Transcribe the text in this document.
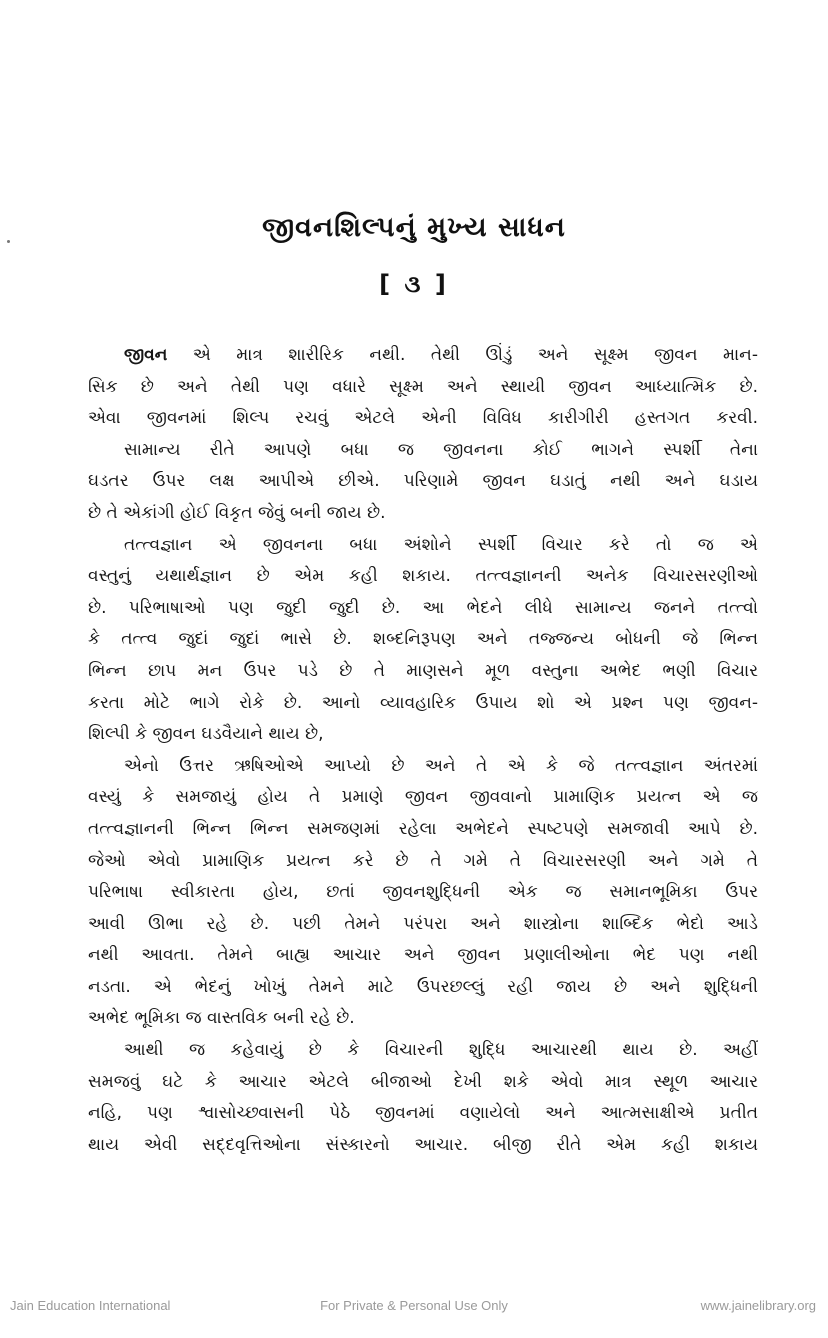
જીવનશિલ્પનું મુખ્ય સાધન
[ ૩ ]
જીવન એ માત્ર શારીરિક નથી. તેથી ઊંડું અને સૂક્ષ્મ જીવન માન-
સિક છે અને તેથી પણ વધારે સૂક્ષ્મ અને સ્થાયી જીવન આધ્યાત્મિક છે.
એવા જીવનમાં શિલ્પ રચવું એટલે એની વિવિધ કારીગીરી હસ્તગત કરવી.
સામાન્ય રીતે આપણે બધા જ જીવનના કોઈ ભાગને સ્પર્શી તેના
ઘડતર ઉપર લક્ષ આપીએ છીએ. પરિણામે જીવન ઘડાતું નથી અને ઘડાય
છે તે એકાંગી હોઈ વિકૃત જેવું બની જાય છે.
તત્ત્વજ્ઞાન એ જીવનના બધા અંશોને સ્પર્શી વિચાર કરે તો જ એ
વસ્તુનું યથાર્થજ્ઞાન છે એમ કહી શકાય. તત્ત્વજ્ઞાનની અનેક વિચારસરણીઓ
છે. પરિભાષાઓ પણ જુદી જુદી છે. આ ભેદને લીધે સામાન્ય જનને તત્ત્વો
કે તત્ત્વ જુદાં જુદાં ભાસે છે. શબ્દનિરૂપણ અને તજ્જન્ય બોધની જે ભિન્ન
ભિન્ન છાપ મન ઉપર પડે છે તે માણસને મૂળ વસ્તુના અભેદ ભણી વિચાર
કરતા મોટે ભાગે રોકે છે. આનો વ્યાવહારિક ઉપાય શો એ પ્રશ્ન પણ જીવન-
શિલ્પી કે જીવન ઘડવૈયાને થાય છે,
એનો ઉત્તર ઋષિઓએ આપ્યો છે અને તે એ કે જે તત્ત્વજ્ઞાન અંતરમાં
વસ્યું કે સમજાયું હોય તે પ્રમાણે જીવન જીવવાનો પ્રામાણિક પ્રયત્ન એ જ
તત્ત્વજ્ઞાનની ભિન્ન ભિન્ન સમજણમાં રહેલા અભેદને સ્પષ્ટપણે સમજાવી આપે છે.
જેઓ એવો પ્રામાણિક પ્રયત્ન કરે છે તે ગમે તે વિચારસરણી અને ગમે તે
પરિભાષા સ્વીકારતા હોય, છતાં જીવનશુદ્ધિની એક જ સમાનભૂમિકા ઉપર
આવી ઊભા રહે છે. પછી તેમને પરંપરા અને શાસ્ત્રોના શાબ્દિક ભેદો આડે
નથી આવતા. તેમને બાહ્ય આચાર અને જીવન પ્રણાલીઓના ભેદ પણ નથી
નડતા. એ ભેદનું ખોખું તેમને માટે ઉપરછલ્લું રહી જાય છે અને શુદ્ધિની
અભેદ ભૂમિકા જ વાસ્તવિક બની રહે છે.
આથી જ કહેવાયું છે કે વિચારની શુદ્ધિ આચારથી થાય છે. અહીં
સમજવું ઘટે કે આચાર એટલે બીજાઓ દેખી શકે એવો માત્ર સ્થૂળ આચાર
નહિ, પણ શ્વાસોચ્છ્વાસની પેઠે જીવનમાં વણાયેલો અને આત્મસાક્ષીએ પ્રતીત
થાય એવી સદ્દવૃત્તિઓના સંસ્કારનો આચાર. બીજી રીતે એમ કહી શકાય
Jain Education International	For Private & Personal Use Only	www.jainelibrary.org
